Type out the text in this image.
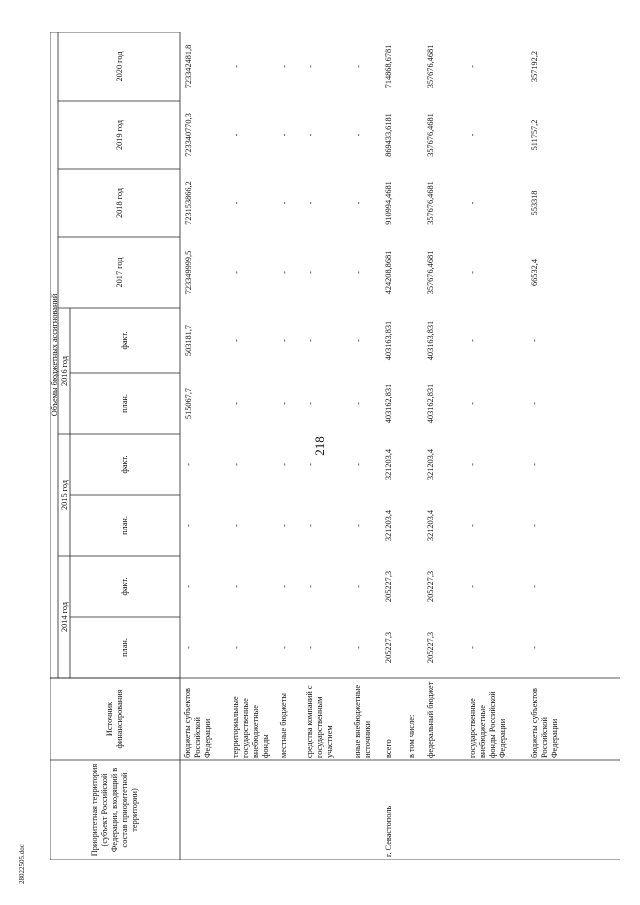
218
28022505.doc
Приоритетная территория (субъект Российской Федерации, входящий в состав приоритетной территории)
Источник финансирования
Объемы бюджетных ассигнований
2014 год
2015 год
2016 год
2017 год
2018 год
2019 год
2020 год
план.
факт.
план.
факт.
план.
факт.
бюджеты субъектов Российской Федерации
-
-
-
-
515067,7
503181,7
723349999,5
723153866,2
723340770,3
723342481,8
территориальные государственные внебюджетные фонды
-
-
-
-
-
-
-
-
-
-
местные бюджеты
-
-
-
-
-
-
-
-
-
-
средства компаний с государственным участием
-
-
-
-
-
-
-
-
-
-
иные внебюджетные источники
-
-
-
-
-
-
-
-
-
-
г. Севастополь
всего
205227,3
205227,3
321203,4
321203,4
403162,831
403163,831
424208,8681
910994,4681
869433,6181
714868,6781
в том числе:	федеральный бюджет
205227,3
205227,3
321203,4
321203,4
403162,831
403163,831
357676,4681
357676,4681
357676,4681
357676,4681
государственные внебюджетные фонды Российской Федерации
-
-
-
-
-
-
-
-
-
-
бюджеты субъектов Российской Федерации
-
-
-
-
-
-
66532,4
553318
511757,2
357192,2
